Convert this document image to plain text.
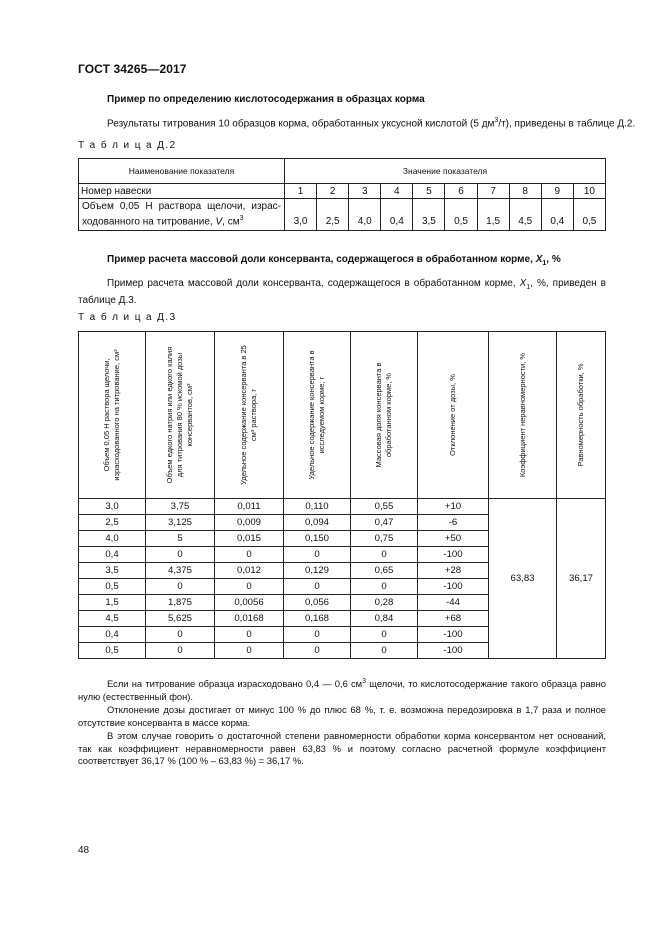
ГОСТ 34265—2017
Пример по определению кислотосодержания в образцах корма
Результаты титрования 10 образцов корма, обработанных уксусной кислотой (5 $дм^3/т$), приведены в таблице Д.2.
Т а б л и ц а Д.2
Наименование показателя	Значение показателя									
Номер навески	1	2	3	4	5	6	7	8	9	10
Объем 0,05 Н раствора щелочи, израс-ходованного на титрование, V, $см^3$	3,0	2,5	4,0	0,4	3,5	0,5	1,5	4,5	0,4	0,5
Пример расчета массовой доли консерванта, содержащегося в обработанном корме, $X_1$, %
Пример расчета массовой доли консерванта, содержащегося в обработанном корме, $X_1$, %, приведен в таблице Д.3.
Т а б л и ц а Д.3
Объем 0,05 Н раствора щелочи, израсходованного на титрование, см³	Объем едкого натрия или едкого калия для титрования 80 % искомой дозы консервантов, см³	Удельное содержание консерванта в 25 см³ раствора, г	Удельное содержание консерванта в исследуемом корме, г	Массовая доля консерванта в обработанном корме, %	Отклонение от дозы, %	Коэффициент неравномерности, %	Равномерность обработки, %

3,0	3,75	0,011	0,110	0,55	+10	63,83	36,17
2,5	3,125	0,009	0,094	0,47	-6		
4,0	5	0,015	0,150	0,75	+50		
0,4	0	0	0	0	-100		
3,5	4,375	0,012	0,129	0,65	+28		
0,5	0	0	0	0	-100		
1,5	1,875	0,0056	0,056	0,28	-44		
4,5	5,625	0,0168	0,168	0,84	+68		
0,4	0	0	0	0	-100		
0,5	0	0	0	0	-100		

Если на титрование образца израсходовано 0,4 — 0,6 $см^3$ щелочи, то кислотосодержание такого образца равно нулю (естественный фон).

Отклонение дозы достигает от минус 100 % до плюс 68 %, т. е. возможна передозировка в 1,7 раза и полное отсутствие консерванта в массе корма.

В этом случае говорить о достаточной степени равномерности обработки корма консервантом нет оснований, так как коэффициент неравномерности равен 63,83 % и поэтому согласно расчетной формуле коэффициент соответствует 36,17 % (100 % – 63,83 %) = 36,17 %.

48
